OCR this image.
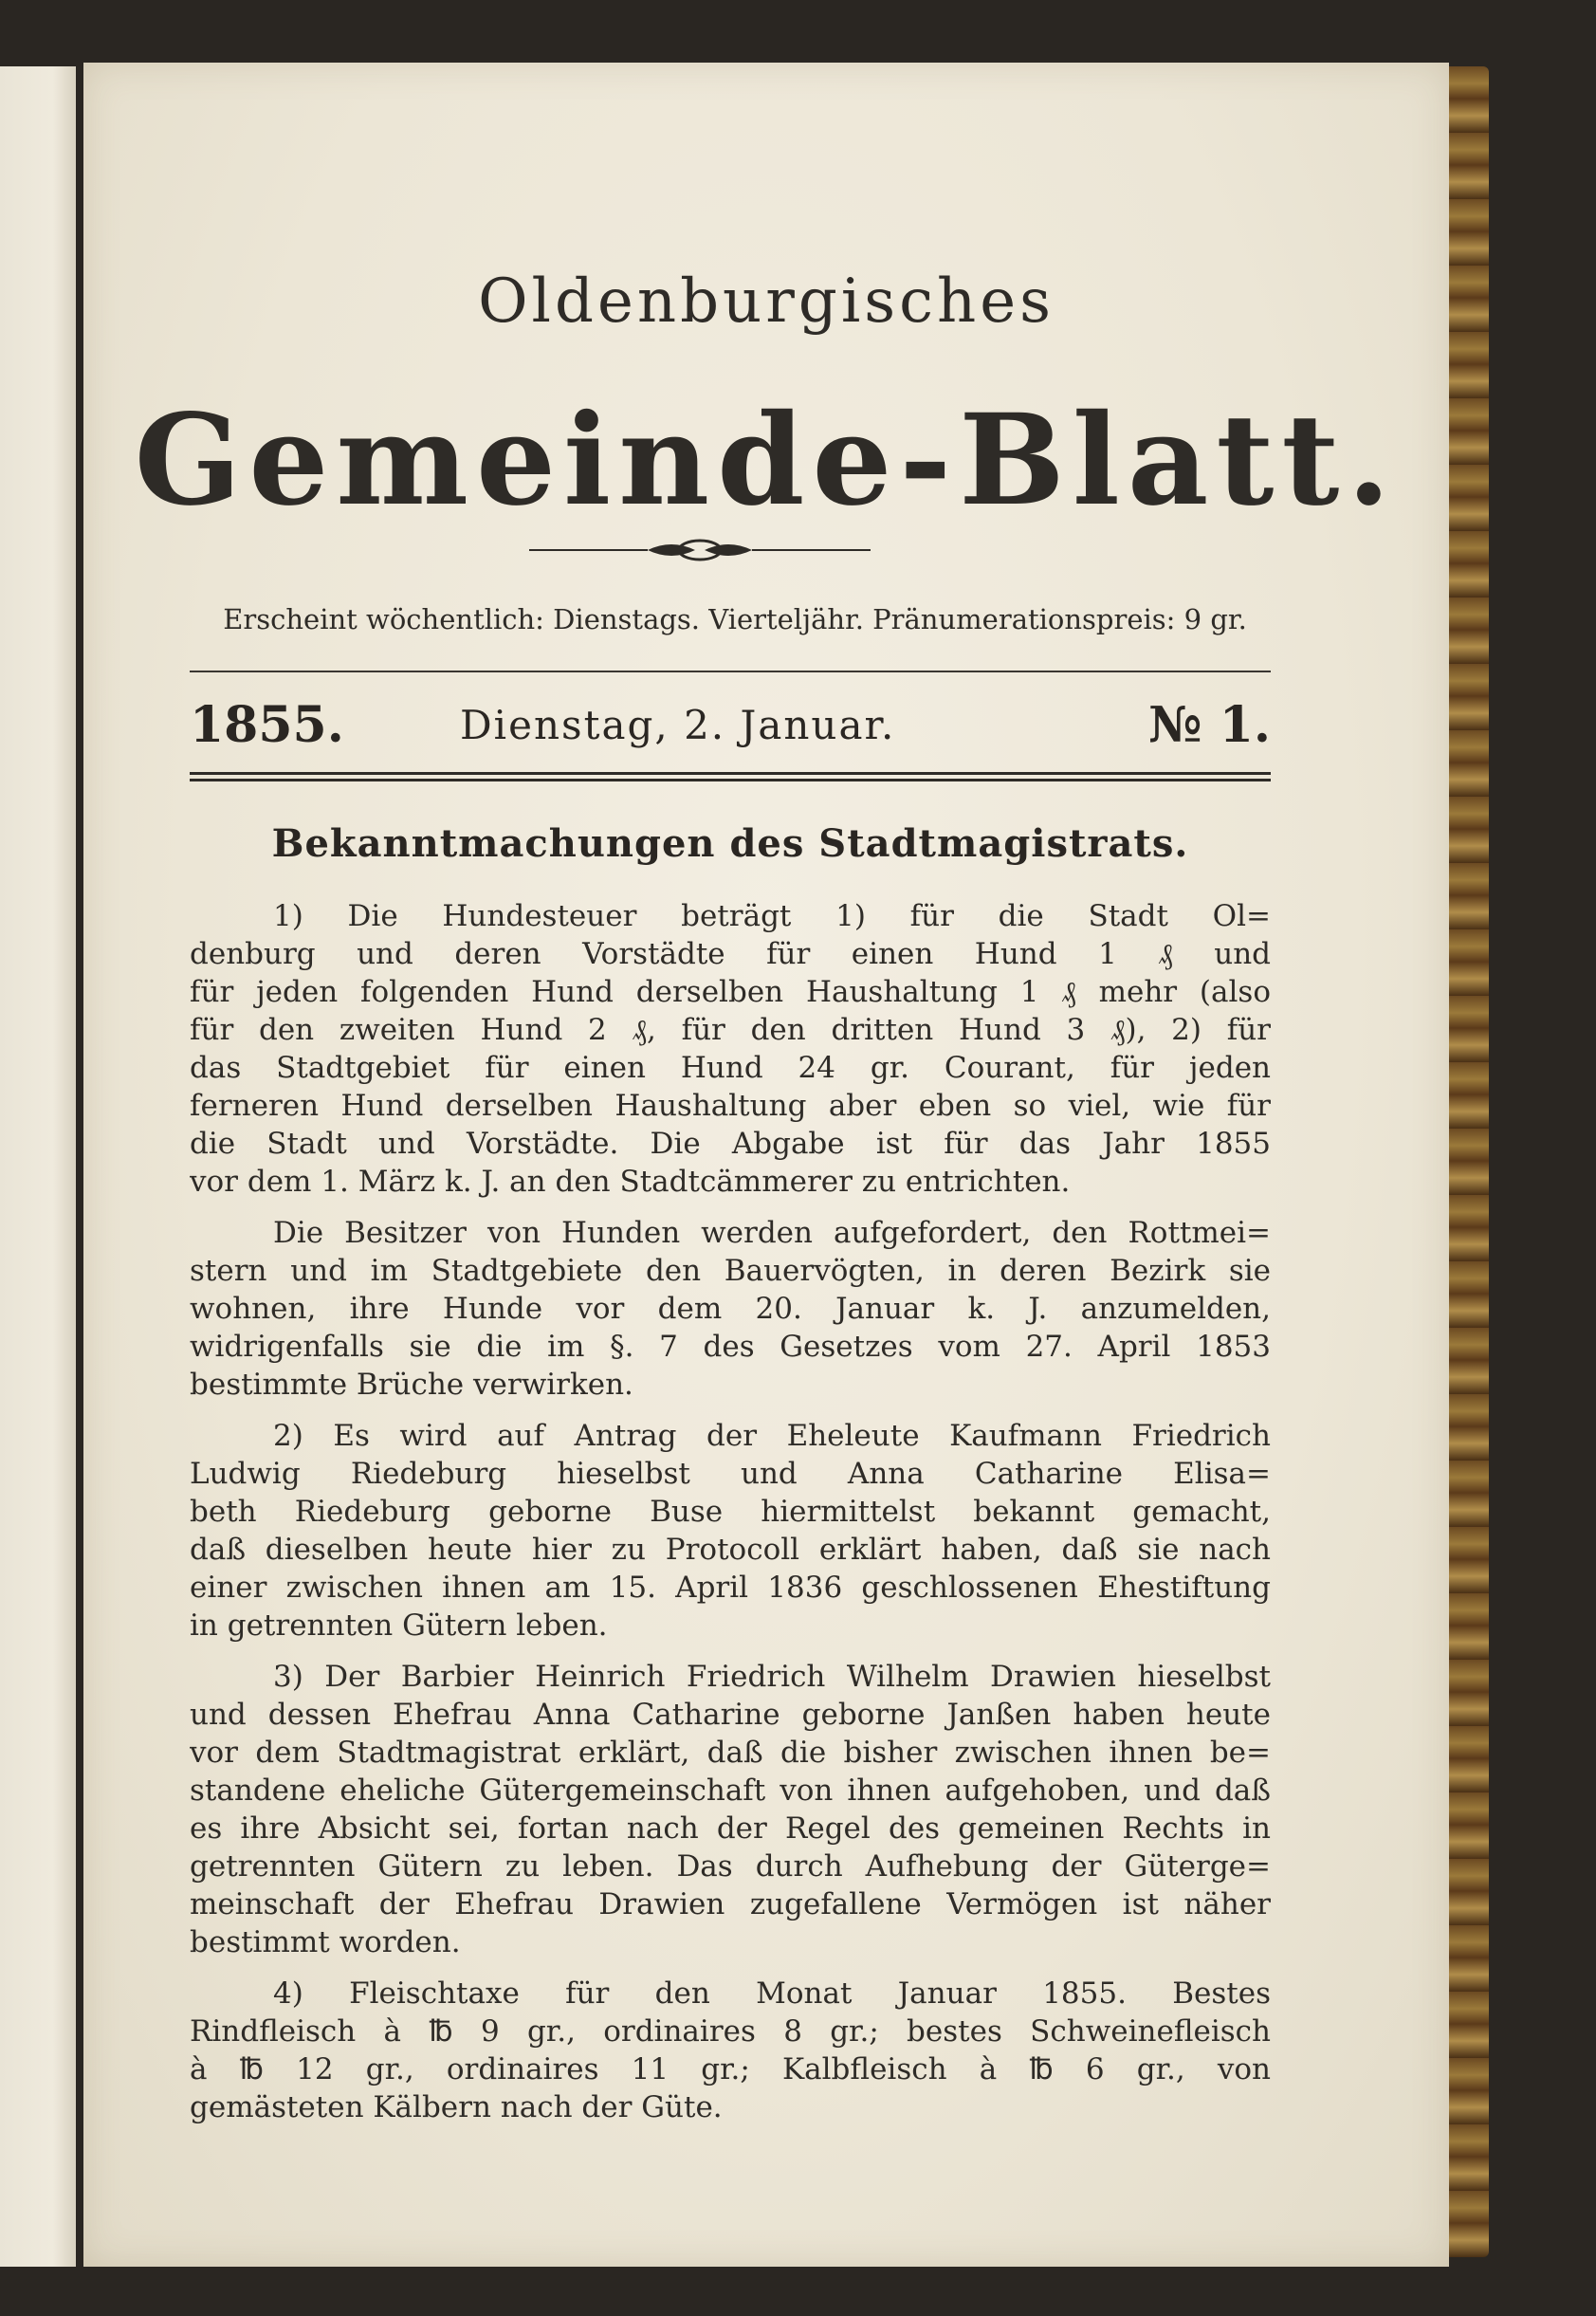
Oldenburgisches
Gemeinde-Blatt.
Erscheint wöchentlich: Dienstags. Vierteljähr. Pränumerationspreis: 9 gr.
1855.	Dienstag, 2. Januar.	№ 1.
Bekanntmachungen des Stadtmagistrats.
1) Die Hundesteuer beträgt 1) für die Stadt Ol=
denburg und deren Vorstädte für einen Hund 1 ₰ und
für jeden folgenden Hund derselben Haushaltung 1 ₰ mehr (also
für den zweiten Hund 2 ₰, für den dritten Hund 3 ₰), 2) für
das Stadtgebiet für einen Hund 24 gr. Courant, für jeden
ferneren Hund derselben Haushaltung aber eben so viel, wie für
die Stadt und Vorstädte. Die Abgabe ist für das Jahr 1855
vor dem 1. März k. J. an den Stadtcämmerer zu entrichten.
Die Besitzer von Hunden werden aufgefordert, den Rottmei=
stern und im Stadtgebiete den Bauervögten, in deren Bezirk sie
wohnen, ihre Hunde vor dem 20. Januar k. J. anzumelden,
widrigenfalls sie die im §. 7 des Gesetzes vom 27. April 1853
bestimmte Brüche verwirken.
2) Es wird auf Antrag der Eheleute Kaufmann Friedrich
Ludwig Riedeburg hieselbst und Anna Catharine Elisa=
beth Riedeburg geborne Buse hiermittelst bekannt gemacht,
daß dieselben heute hier zu Protocoll erklärt haben, daß sie nach
einer zwischen ihnen am 15. April 1836 geschlossenen Ehestiftung
in getrennten Gütern leben.
3) Der Barbier Heinrich Friedrich Wilhelm Drawien hieselbst
und dessen Ehefrau Anna Catharine geborne Janßen haben heute
vor dem Stadtmagistrat erklärt, daß die bisher zwischen ihnen be=
standene eheliche Gütergemeinschaft von ihnen aufgehoben, und daß
es ihre Absicht sei, fortan nach der Regel des gemeinen Rechts in
getrennten Gütern zu leben. Das durch Aufhebung der Güterge=
meinschaft der Ehefrau Drawien zugefallene Vermögen ist näher
bestimmt worden.
4) Fleischtaxe für den Monat Januar 1855. Bestes
Rindfleisch à ℔ 9 gr., ordinaires 8 gr.; bestes Schweinefleisch
à ℔ 12 gr., ordinaires 11 gr.; Kalbfleisch à ℔ 6 gr., von
gemästeten Kälbern nach der Güte.
